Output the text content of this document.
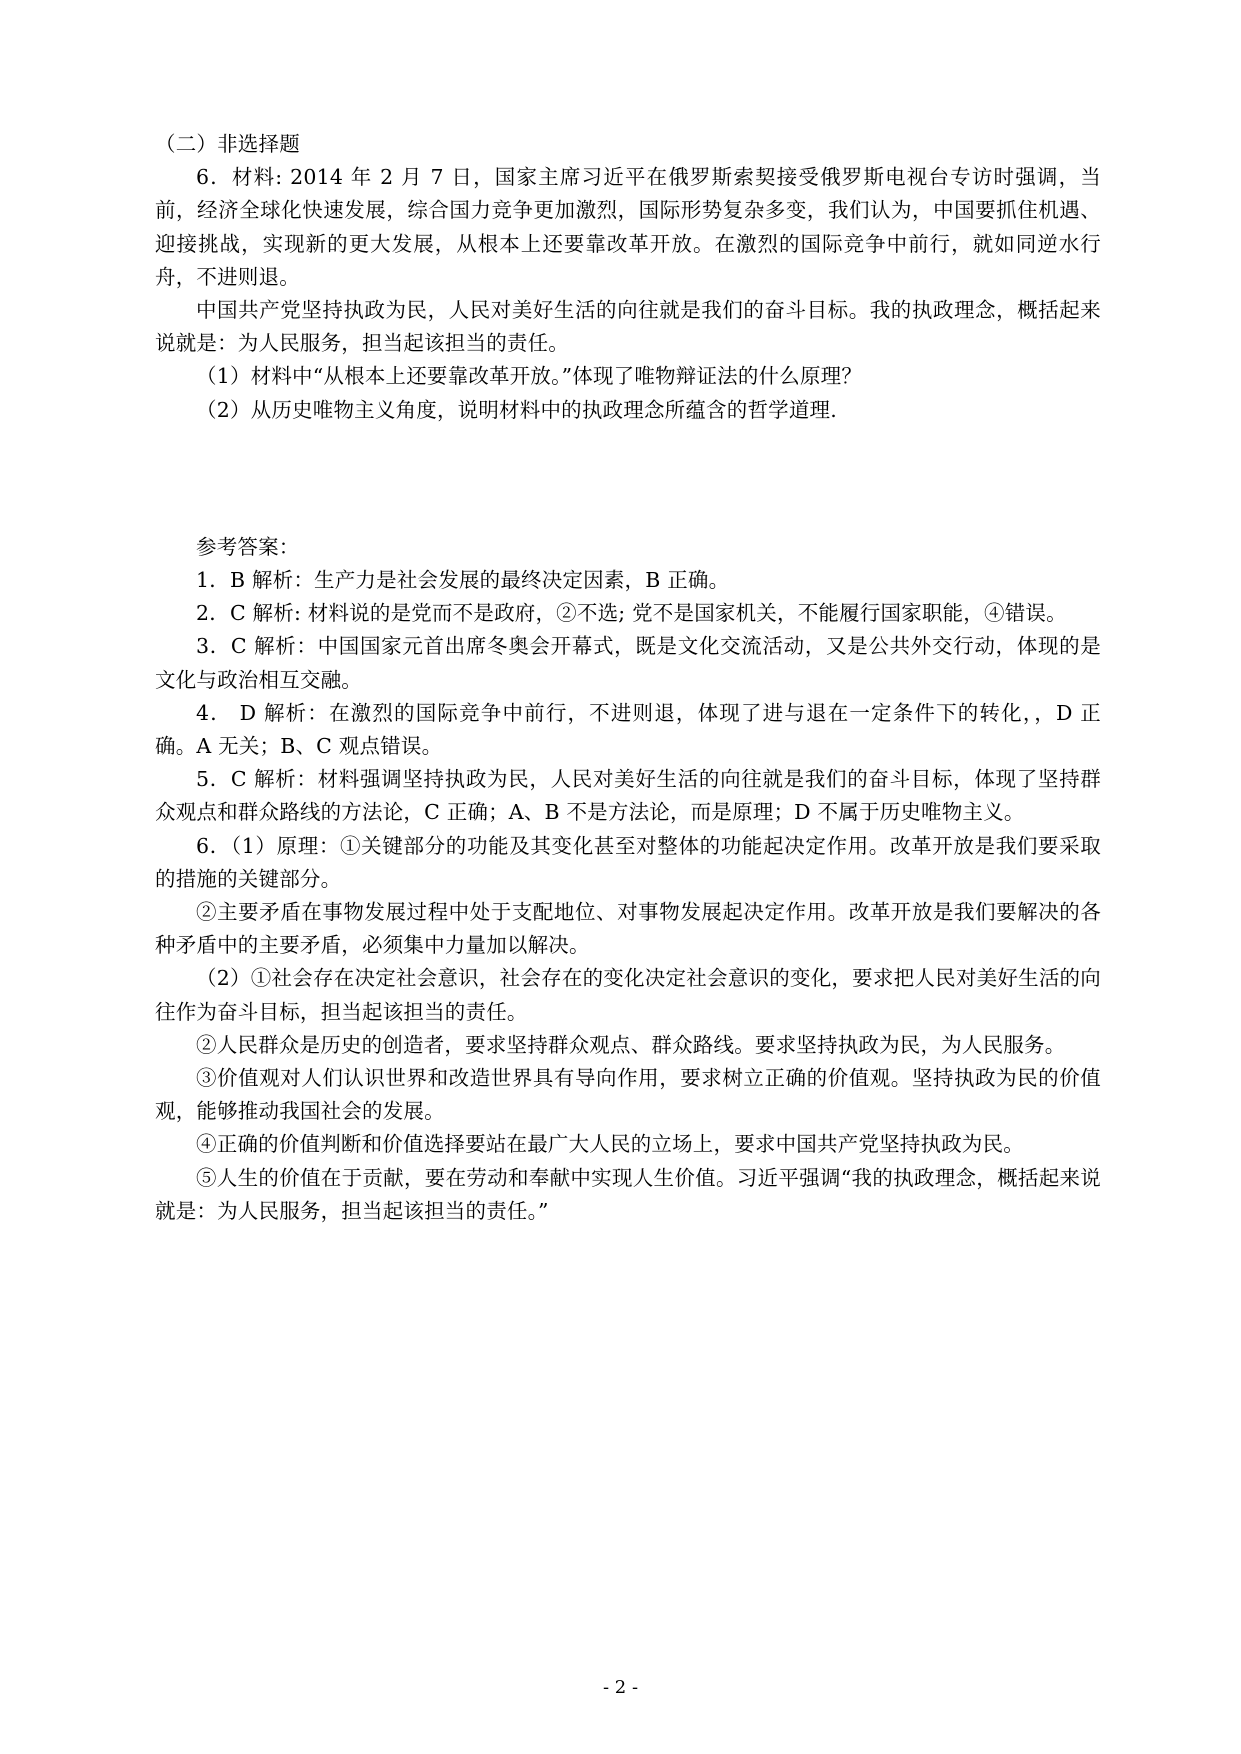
（二）非选择题

6．材料: 2014 年 2 月 7 日，国家主席习近平在俄罗斯索契接受俄罗斯电视台专访时强调，当前，经济全球化快速发展，综合国力竞争更加激烈，国际形势复杂多变，我们认为，中国要抓住机遇、迎接挑战，实现新的更大发展，从根本上还要靠改革开放。在激烈的国际竞争中前行，就如同逆水行舟，不进则退。

中国共产党坚持执政为民，人民对美好生活的向往就是我们的奋斗目标。我的执政理念，概括起来说就是：为人民服务，担当起该担当的责任。

（1）材料中“从根本上还要靠改革开放。”体现了唯物辩证法的什么原理？

（2）从历史唯物主义角度，说明材料中的执政理念所蕴含的哲学道理.

参考答案：

1．B 解析：生产力是社会发展的最终决定因素，B 正确。

2．C 解析: 材料说的是党而不是政府，②不选; 党不是国家机关，不能履行国家职能，④错误。

3．C 解析：中国国家元首出席冬奥会开幕式，既是文化交流活动，又是公共外交行动，体现的是文化与政治相互交融。

4． D 解析：在激烈的国际竞争中前行，不进则退，体现了进与退在一定条件下的转化，，D 正确。A 无关；B、C 观点错误。

5．C 解析：材料强调坚持执政为民，人民对美好生活的向往就是我们的奋斗目标，体现了坚持群众观点和群众路线的方法论，C 正确；A、B 不是方法论，而是原理；D 不属于历史唯物主义。

6．（1）原理：①关键部分的功能及其变化甚至对整体的功能起决定作用。改革开放是我们要采取的措施的关键部分。

②主要矛盾在事物发展过程中处于支配地位、对事物发展起决定作用。改革开放是我们要解决的各种矛盾中的主要矛盾，必须集中力量加以解决。

（2）①社会存在决定社会意识，社会存在的变化决定社会意识的变化，要求把人民对美好生活的向往作为奋斗目标，担当起该担当的责任。

②人民群众是历史的创造者，要求坚持群众观点、群众路线。要求坚持执政为民，为人民服务。

③价值观对人们认识世界和改造世界具有导向作用，要求树立正确的价值观。坚持执政为民的价值观，能够推动我国社会的发展。

④正确的价值判断和价值选择要站在最广大人民的立场上，要求中国共产党坚持执政为民。

⑤人生的价值在于贡献，要在劳动和奉献中实现人生价值。习近平强调“我的执政理念，概括起来说就是：为人民服务，担当起该担当的责任。”

- 2 -
